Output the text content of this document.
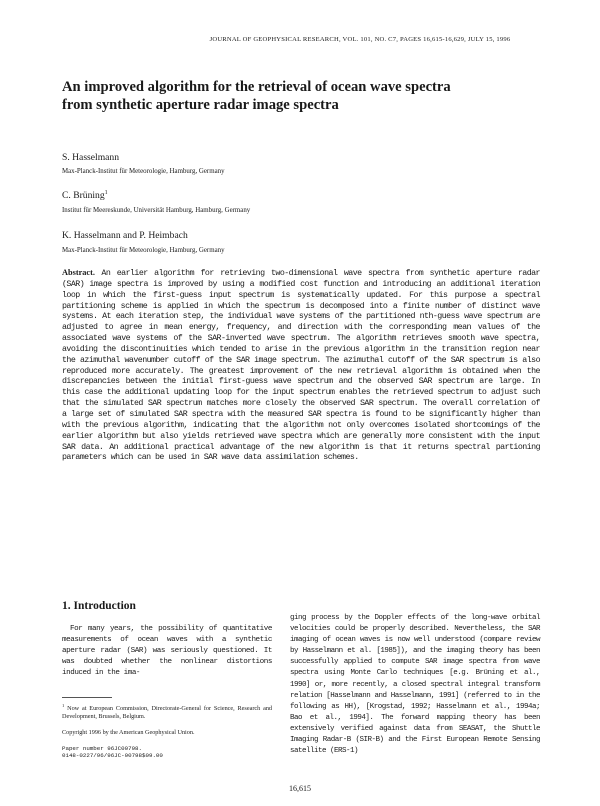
JOURNAL OF GEOPHYSICAL RESEARCH, VOL. 101, NO. C7, PAGES 16,615-16,629, JULY 15, 1996
An improved algorithm for the retrieval of ocean wave spectra from synthetic aperture radar image spectra
S. Hasselmann
Max-Planck-Institut für Meteorologie, Hamburg, Germany
C. Brüning$^1$
Institut für Meereskunde, Universität Hamburg, Hamburg, Germany
K. Hasselmann and P. Heimbach
Max-Planck-Institut für Meteorologie, Hamburg, Germany
Abstract. An earlier algorithm for retrieving two-dimensional wave spectra from synthetic aperture radar (SAR) image spectra is improved by using a modified cost function and introducing an additional iteration loop in which the first-guess input spectrum is systematically updated. For this purpose a spectral partitioning scheme is applied in which the spectrum is decomposed into a finite number of distinct wave systems. At each iteration step, the individual wave systems of the partitioned nth-guess wave spectrum are adjusted to agree in mean energy, frequency, and direction with the corresponding mean values of the associated wave systems of the SAR-inverted wave spectrum. The algorithm retrieves smooth wave spectra, avoiding the discontinuities which tended to arise in the previous algorithm in the transition region near the azimuthal wavenumber cutoff of the SAR image spectrum. The azimuthal cutoff of the SAR spectrum is also reproduced more accurately. The greatest improvement of the new retrieval algorithm is obtained when the discrepancies between the initial first-guess wave spectrum and the observed SAR spectrum are large. In this case the additional updating loop for the input spectrum enables the retrieved spectrum to adjust such that the simulated SAR spectrum matches more closely the observed SAR spectrum. The overall correlation of a large set of simulated SAR spectra with the measured SAR spectra is found to be significantly higher than with the previous algorithm, indicating that the algorithm not only overcomes isolated shortcomings of the earlier algorithm but also yields retrieved wave spectra which are generally more consistent with the input SAR data. An additional practical advantage of the new algorithm is that it returns spectral partioning parameters which can be used in SAR wave data assimilation schemes.
1. Introduction
For many years, the possibility of quantitative measurements of ocean waves with a synthetic aperture radar (SAR) was seriously questioned. It was doubted whether the nonlinear distortions induced in the ima-
$^1$ Now at European Commission, Directorate-General for Science, Research and Development, Brussels, Belgium.
Copyright 1996 by the American Geophysical Union.
Paper number 96JC00798.
0148-0227/96/96JC-00798$09.00
ging process by the Doppler effects of the long-wave orbital velocities could be properly described. Nevertheless, the SAR imaging of ocean waves is now well understood (compare review by Hasselmann et al. [1985]), and the imaging theory has been successfully applied to compute SAR image spectra from wave spectra using Monte Carlo techniques [e.g. Brüning et al., 1990] or, more recently, a closed spectral integral transform relation [Hasselmann and Hasselmann, 1991] (referred to in the following as HH), [Krogstad, 1992; Hasselmann et al., 1994a; Bao et al., 1994]. The forward mapping theory has been extensively verified against data from SEASAT, the Shuttle Imaging Radar-B (SIR-B) and the First European Remote Sensing satellite (ERS-1)
16,615
